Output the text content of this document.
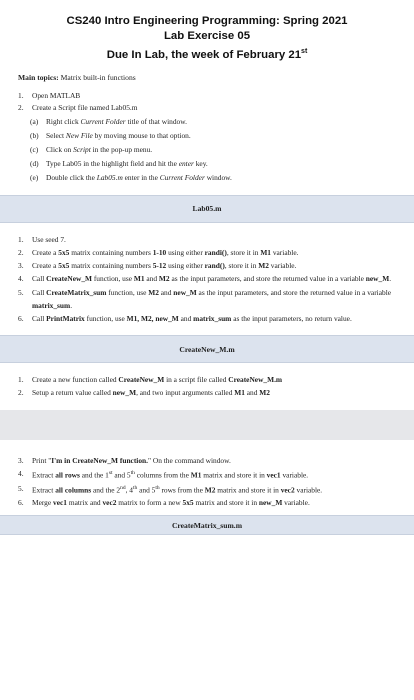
CS240 Intro Engineering Programming: Spring 2021
Lab Exercise 05
Due In Lab, the week of February 21st
Main topics: Matrix built-in functions
1.	Open MATLAB
2.	Create a Script file named Lab05.m
(a)	Right click Current Folder title of that window.
(b) Select New File by moving mouse to that option.
(c)	Click on Script in the pop-up menu.
(d) Type Lab05 in the highlight field and hit the enter key.
(e)	Double click the Lab05.m enter in the Current Folder window.
Lab05.m
1.	Use seed 7.
2.	Create a 5x5 matrix containing numbers 1-10 using either randi(), store it in M1 variable.
3.	Create a 5x5 matrix containing numbers 5-12 using either rand(), store it in M2 variable.
4.	Call CreateNew_M function, use M1 and M2 as the input parameters, and store the returned value in a variable new_M.
5.	Call CreateMatrix_sum function, use M2 and new_M as the input parameters, and store the returned value in a variable matrix_sum.
6.	Call PrintMatrix function, use M1, M2, new_M and matrix_sum as the input parameters, no return value.
CreateNew_M.m
1.	Create a new function called CreateNew_M in a script file called CreateNew_M.m
2.	Setup a return value called new_M, and two input arguments called M1 and M2
3.	Print "I'm in CreateNew_M function." On the command window.
4.	Extract all rows and the 1st and 5th columns from the M1 matrix and store it in vec1 variable.
5.	Extract all columns and the 2nd, 4th and 5th rows from the M2 matrix and store it in vec2 variable.
6.	Merge vec1 matrix and vec2 matrix to form a new 5x5 matrix and store it in new_M variable.
CreateMatrix_sum.m
